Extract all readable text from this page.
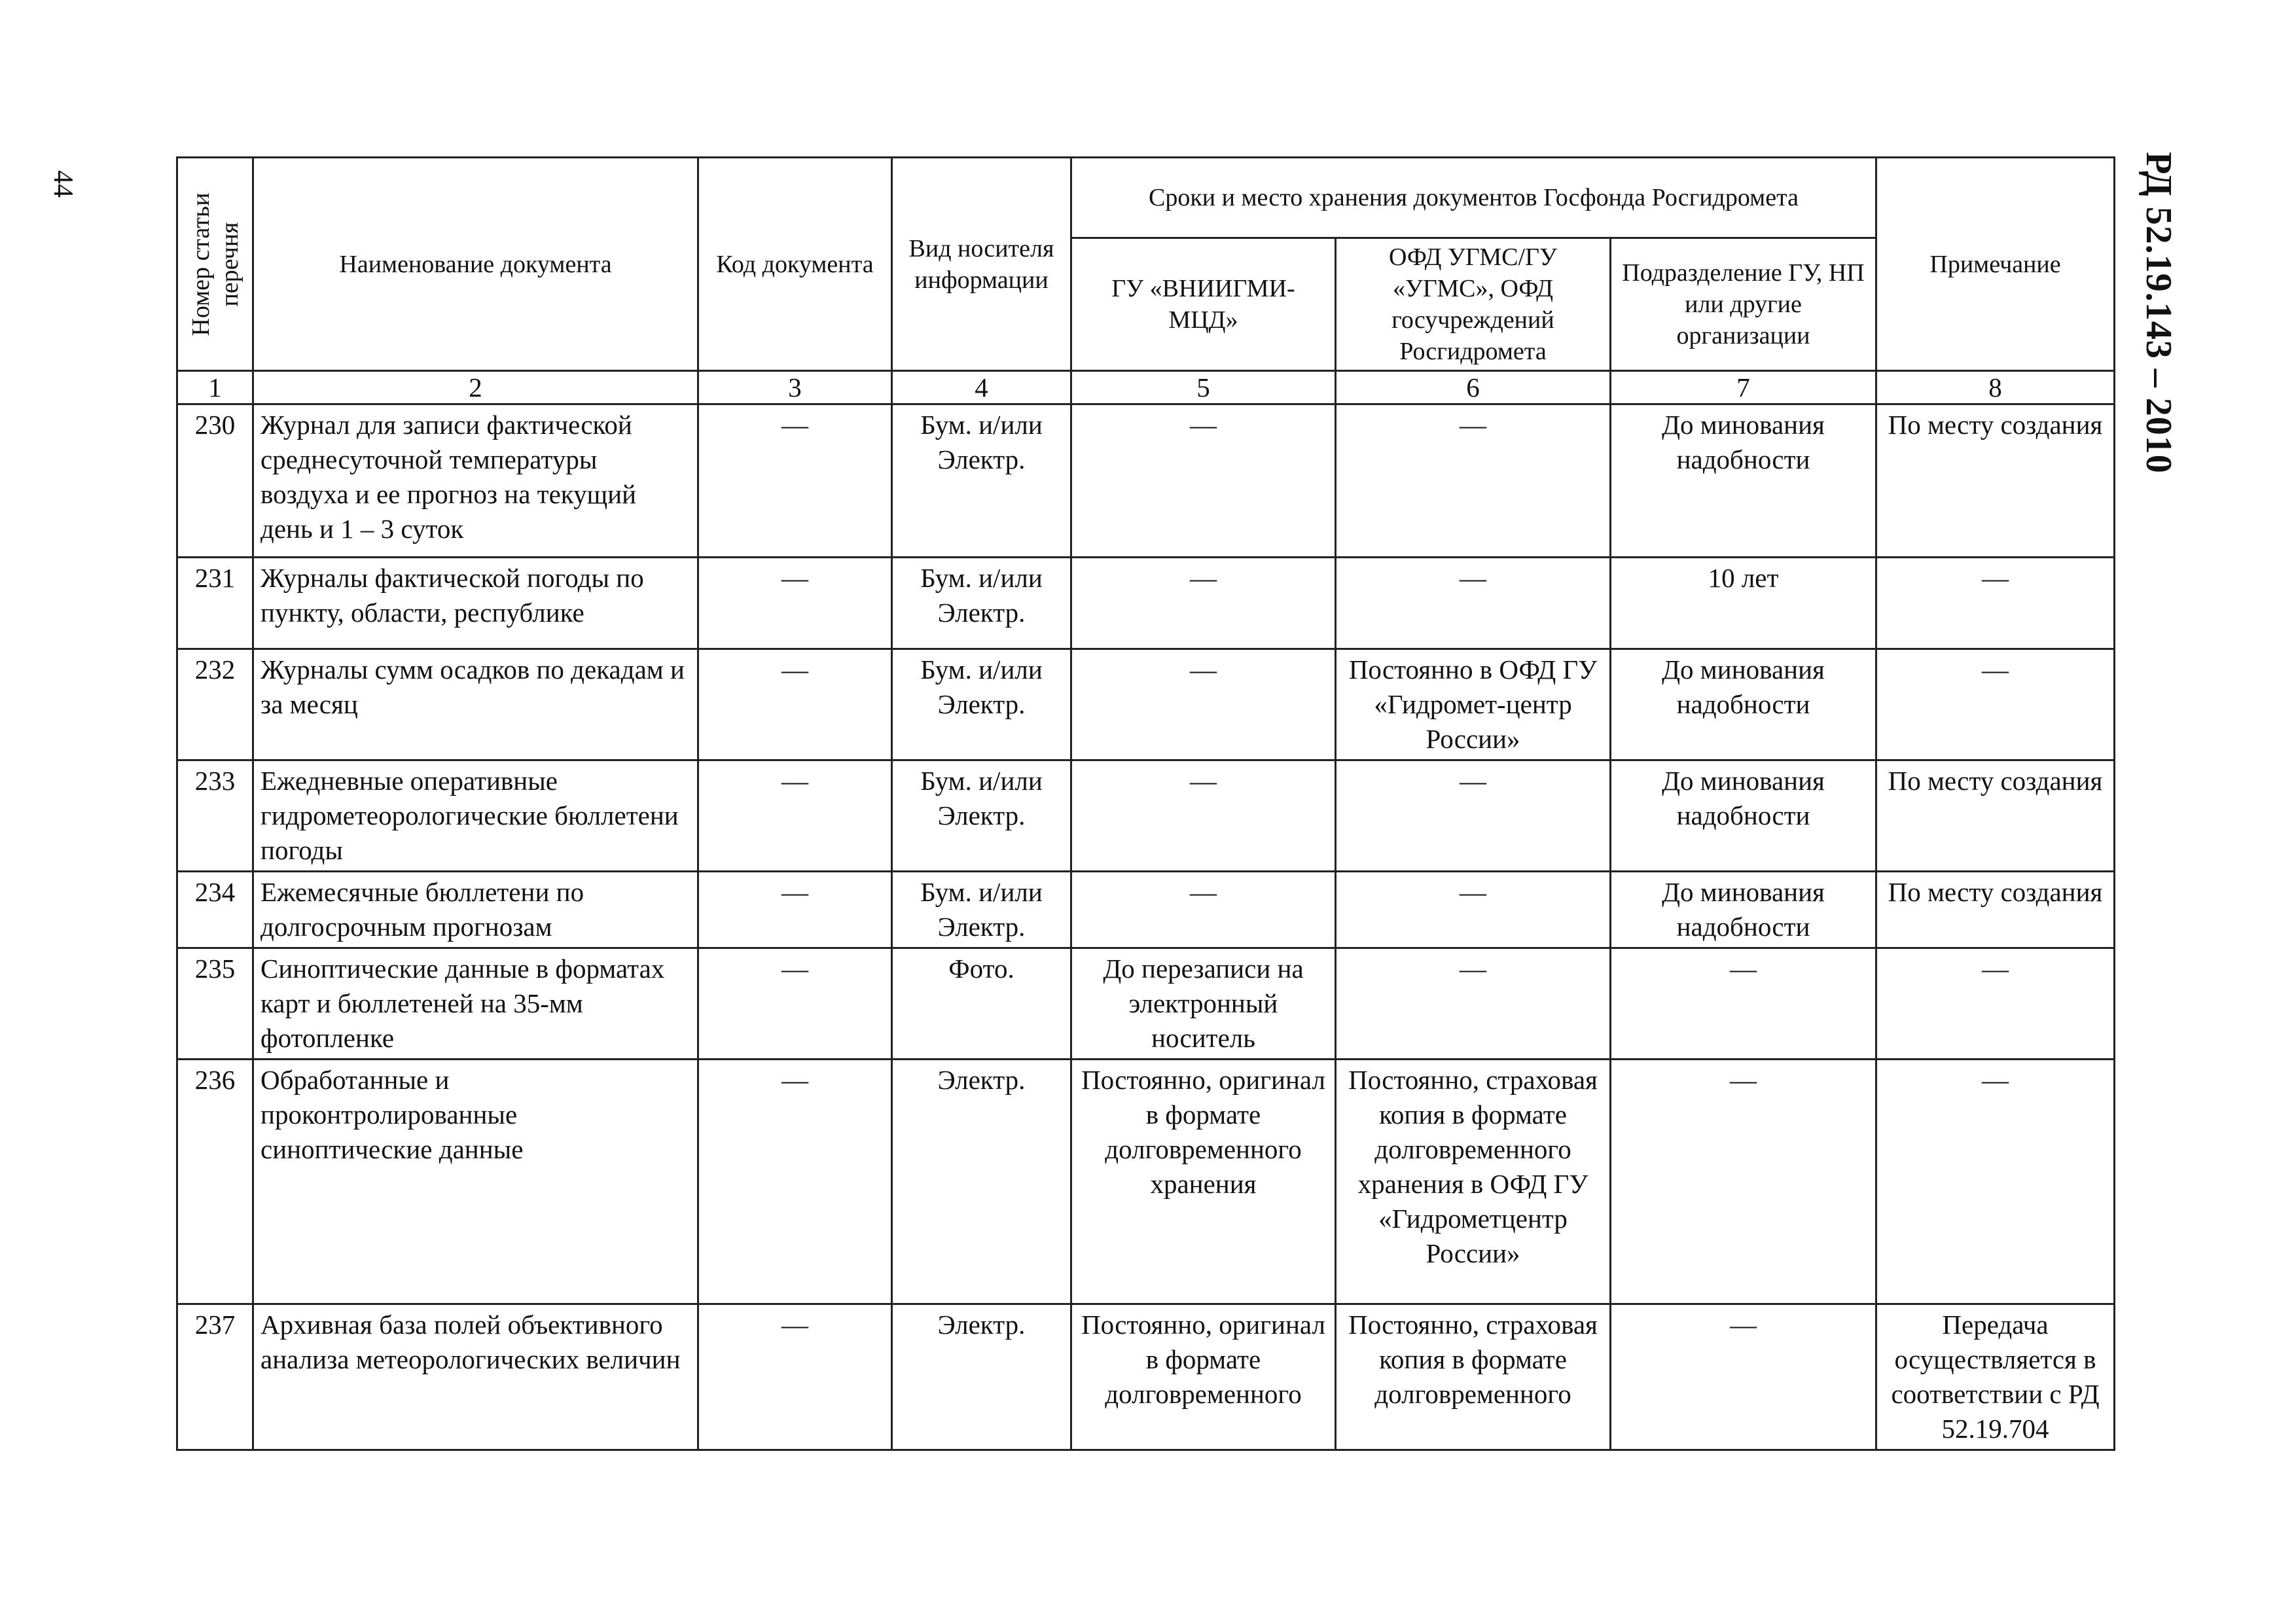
44	РД 52.19.143 – 2010
Номер статьи перечня	Наименование документа	Код документа	Вид носителя информации	Сроки и место хранения документов Госфонда Росгидромета			Примечание
				ГУ «ВНИИГМИ-МЦД»	ОФД УГМС/ГУ «УГМС», ОФД госучреждений Росгидромета	Подразделение ГУ, НП или другие организации	
1	2	3	4	5	6	7	8
230	Журнал для записи фактической среднесуточной температуры воздуха и ее прогноз на текущий день и 1 – 3 суток	—	Бум. и/или Электр.	—	—	До минования надобности	По месту создания
231	Журналы фактической погоды по пункту, области, республике	—	Бум. и/или Электр.	—	—	10 лет	—
232	Журналы сумм осадков по декадам и за месяц	—	Бум. и/или Электр.	—	Постоянно в ОФД ГУ «Гидромет-центр России»	До минования надобности	—
233	Ежедневные оперативные гидрометеорологические бюллетени погоды	—	Бум. и/или Электр.	—	—	До минования надобности	По месту создания
234	Ежемесячные бюллетени по долгосрочным прогнозам	—	Бум. и/или Электр.	—	—	До минования надобности	По месту создания
235	Синоптические данные в форматах карт и бюллетеней на 35-мм фотопленке	—	Фото.	До перезаписи на электронный носитель	—	—	—
236	Обработанные и проконтролированные синоптические данные	—	Электр.	Постоянно, оригинал в формате долговременного хранения	Постоянно, страховая копия в формате долговременного хранения в ОФД ГУ «Гидрометцентр России»	—	—
237	Архивная база полей объективного анализа метеорологических величин	—	Электр.	Постоянно, оригинал в формате долговременного	Постоянно, страховая копия в формате долговременного	—	Передача осуществляется в соответствии с РД 52.19.704
